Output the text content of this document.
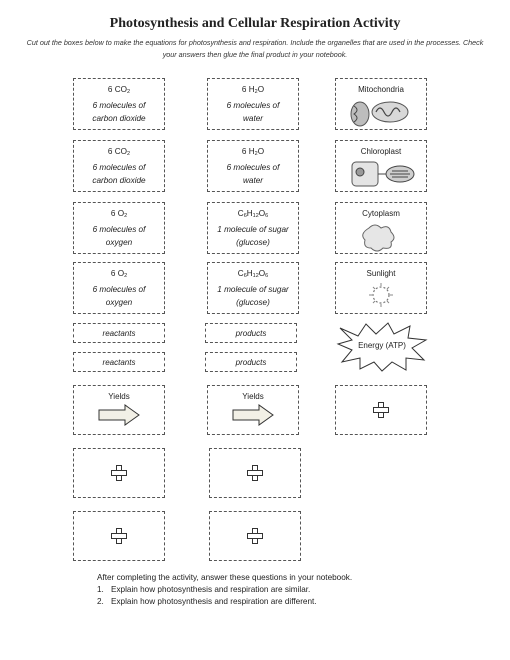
Photosynthesis and Cellular Respiration Activity
Cut out the boxes below to make the equations for photosynthesis and respiration. Include the organelles that are used in the processes. Check your answers then glue the final product in your notebook.
6 $CO_2$
6 molecules of
carbon dioxide
6 $H_2O$
6 molecules of
water
Mitochondria
6 $CO_2$
6 molecules of
carbon dioxide
6 $H_2O$
6 molecules of
water
Chloroplast
6 $O_2$
6 molecules of
oxygen
$C_6H_{12}O_6$
1 molecule of sugar
(glucose)
Cytoplasm
6 $O_2$
6 molecules of
oxygen
$C_6H_{12}O_6$
1 molecule of sugar
(glucose)
Sunlight
reactants
reactants
products
products
Energy (ATP)
Yields	Yields
After completing the activity, answer these questions in your notebook.
1. Explain how photosynthesis and respiration are similar.
2. Explain how photosynthesis and respiration are different.
